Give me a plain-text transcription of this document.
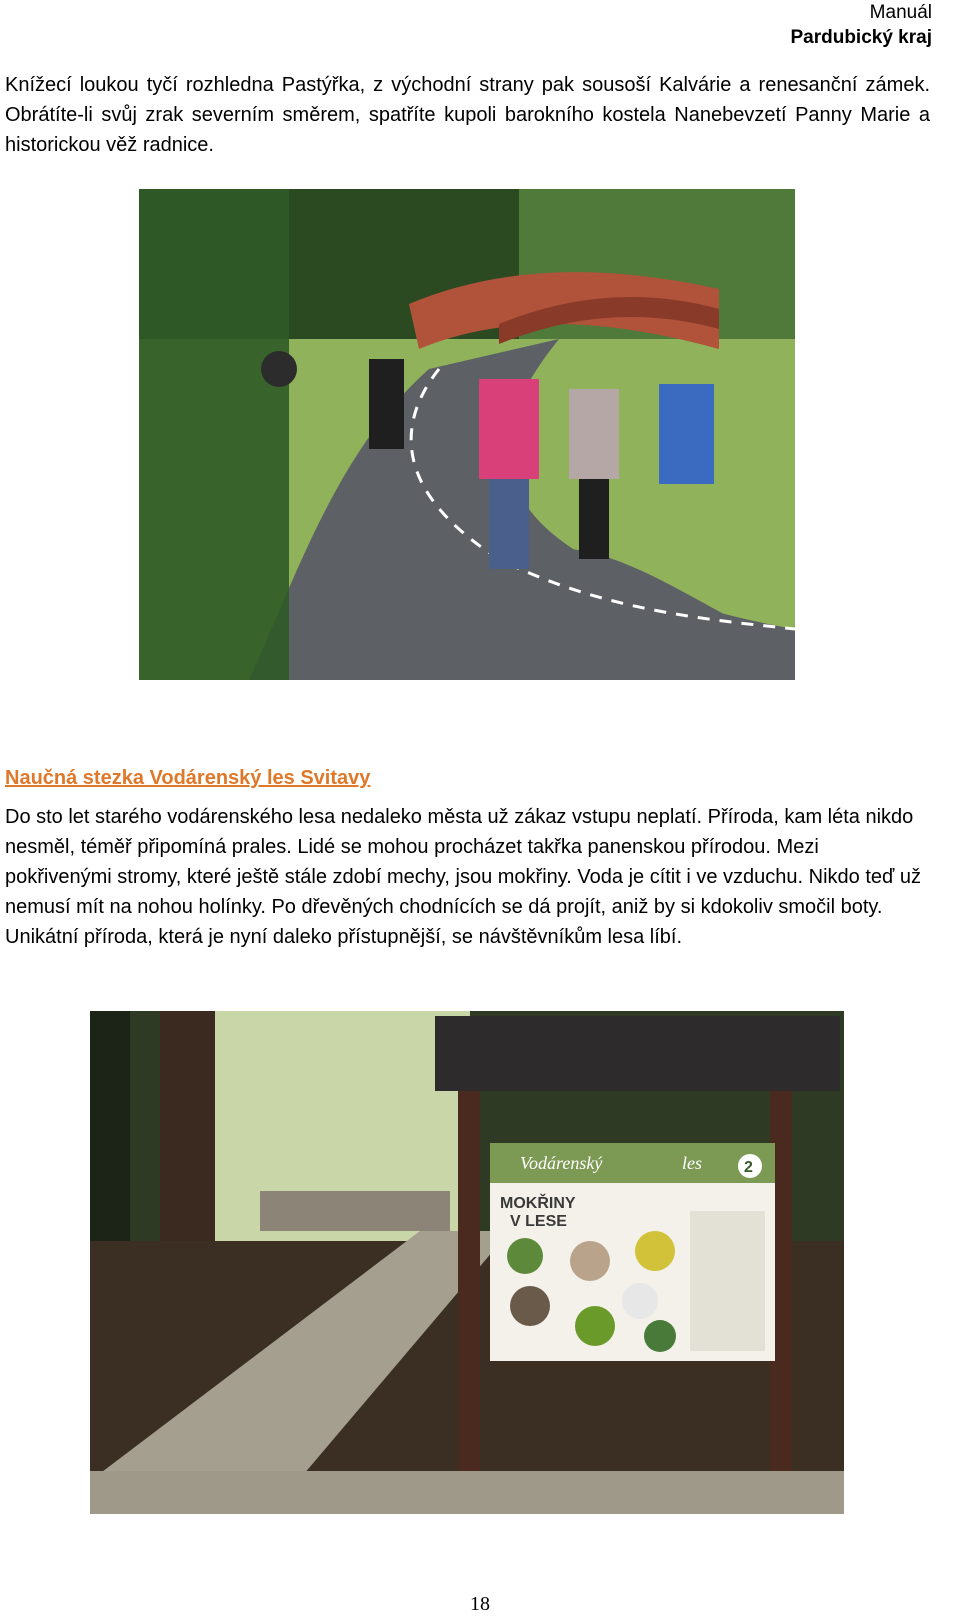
Manuál
Pardubický kraj

Knížecí loukou tyčí rozhledna Pastýřka, z východní strany pak sousoší Kalvárie a renesanční zámek. Obrátíte-li svůj zrak severním směrem, spatříte kupoli barokního kostela Nanebevzetí Panny Marie a historickou věž radnice.

Naučná stezka Vodárenský les Svitavy

Do sto let starého vodárenského lesa nedaleko města už zákaz vstupu neplatí. Příroda, kam léta nikdo nesměl, téměř připomíná prales. Lidé se mohou procházet takřka panenskou přírodou. Mezi pokřivenými stromy, které ještě stále zdobí mechy, jsou mokřiny. Voda je cítit i ve vzduchu. Nikdo teď už nemusí mít na nohou holínky. Po dřevěných chodnících se dá projít, aniž by si kdokoliv smočil boty. Unikátní příroda, která je nyní daleko přístupnější, se návštěvníkům lesa líbí.

Vodárenský	les	2
MOKŘINY
V LESE
18
